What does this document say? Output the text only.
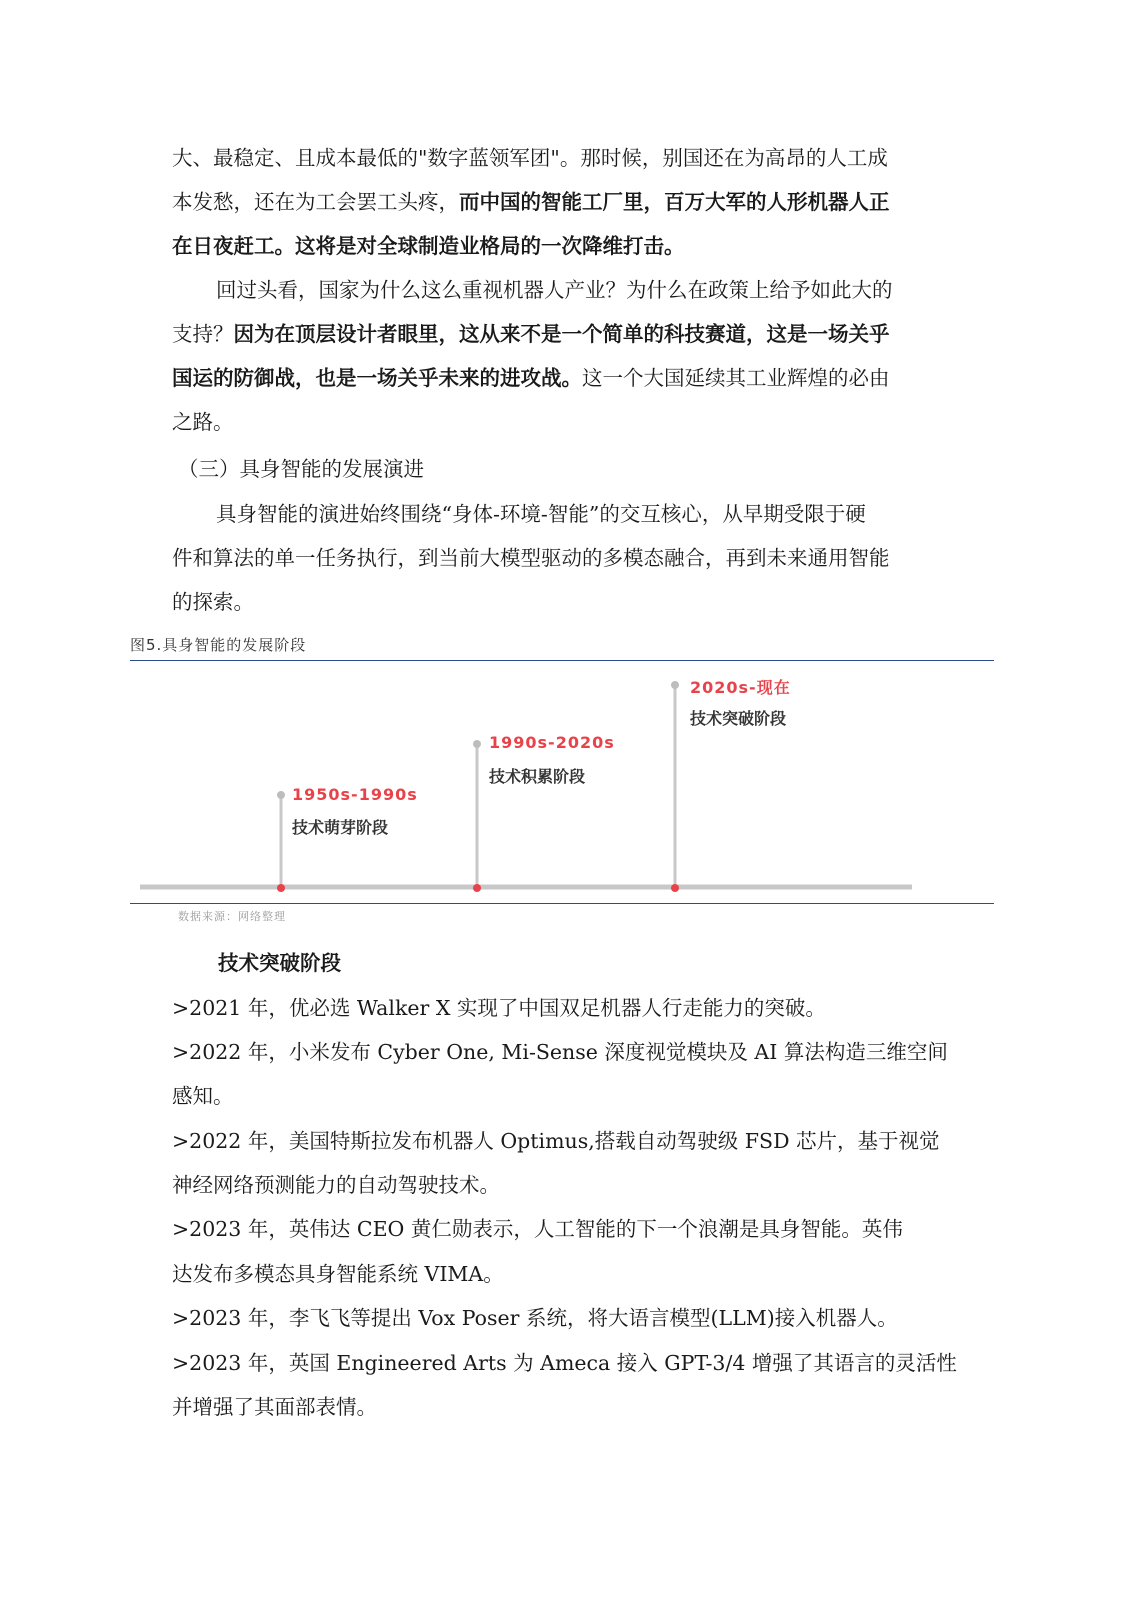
大、最稳定、且成本最低的"数字蓝领军团"。那时候，别国还在为高昂的人工成

本发愁，还在为工会罢工头疼，而中国的智能工厂里，百万大军的人形机器人正

在日夜赶工。这将是对全球制造业格局的一次降维打击。

回过头看，国家为什么这么重视机器人产业？为什么在政策上给予如此大的

支持？因为在顶层设计者眼里，这从来不是一个简单的科技赛道，这是一场关乎

国运的防御战，也是一场关乎未来的进攻战。这一个大国延续其工业辉煌的必由

之路。

（三）具身智能的发展演进

具身智能的演进始终围绕“身体-环境-智能”的交互核心，从早期受限于硬

件和算法的单一任务执行，到当前大模型驱动的多模态融合，再到未来通用智能

的探索。

图5.具身智能的发展阶段

1950s-1990s

技术萌芽阶段

1990s-2020s

技术积累阶段

2020s-现在

技术突破阶段

数据来源：网络整理

技术突破阶段

>2021 年，优必选 Walker X 实现了中国双足机器人行走能力的突破。

>2022 年，小米发布 Cyber One, Mi-Sense 深度视觉模块及 AI 算法构造三维空间

感知。

>2022 年，美国特斯拉发布机器人 Optimus,搭载自动驾驶级 FSD 芯片，基于视觉

神经网络预测能力的自动驾驶技术。

>2023 年，英伟达 CEO 黄仁勋表示，人工智能的下一个浪潮是具身智能。英伟

达发布多模态具身智能系统 VIMA。

>2023 年，李飞飞等提出 Vox Poser 系统，将大语言模型(LLM)接入机器人。

>2023 年，英国 Engineered Arts 为 Ameca 接入 GPT-3/4 增强了其语言的灵活性

并增强了其面部表情。
